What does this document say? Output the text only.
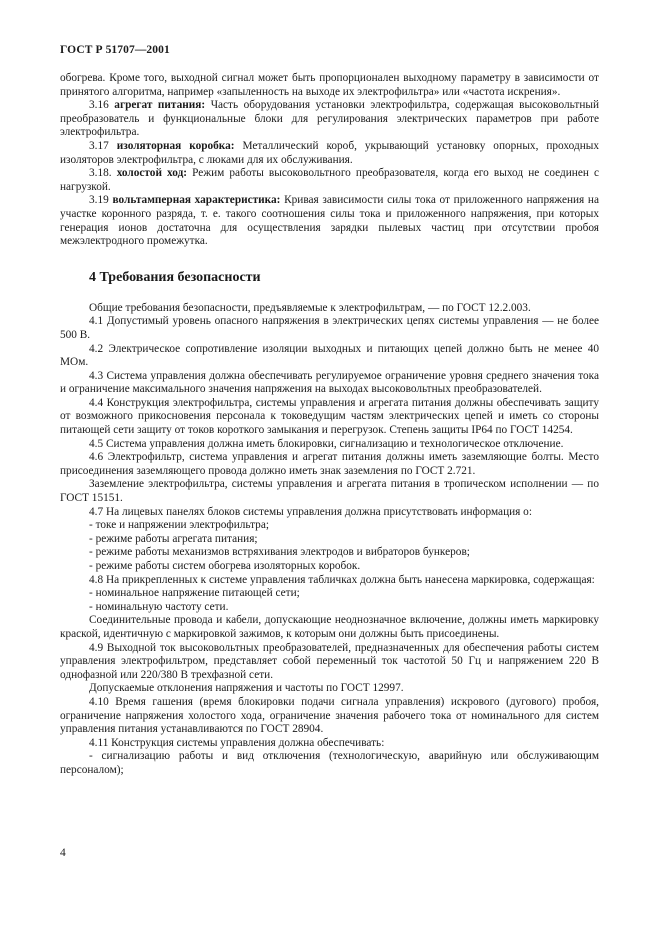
ГОСТ Р 51707—2001

обогрева. Кроме того, выходной сигнал может быть пропорционален выходному параметру в зависимости от принятого алгоритма, например «запыленность на выходе их электрофильтра» или «частота искрения».

3.16 агрегат питания: Часть оборудования установки электрофильтра, содержащая высоковольтный преобразователь и функциональные блоки для регулирования электрических параметров при работе электрофильтра.

3.17 изоляторная коробка: Металлический короб, укрывающий установку опорных, проходных изоляторов электрофильтра, с люками для их обслуживания.

3.18. холостой ход: Режим работы высоковольтного преобразователя, когда его выход не соединен с нагрузкой.

3.19 вольтамперная характеристика: Кривая зависимости силы тока от приложенного напряжения на участке коронного разряда, т. е. такого соотношения силы тока и приложенного напряжения, при которых генерация ионов достаточна для осуществления зарядки пылевых частиц при отсутствии пробоя межэлектродного промежутка.

4 Требования безопасности

Общие требования безопасности, предъявляемые к электрофильтрам, — по ГОСТ 12.2.003.

4.1 Допустимый уровень опасного напряжения в электрических цепях системы управления — не более 500 В.

4.2 Электрическое сопротивление изоляции выходных и питающих цепей должно быть не менее 40 МОм.

4.3 Система управления должна обеспечивать регулируемое ограничение уровня среднего значения тока и ограничение максимального значения напряжения на выходах высоковольтных преобразователей.

4.4 Конструкция электрофильтра, системы управления и агрегата питания должны обеспечивать защиту от возможного прикосновения персонала к токоведущим частям электрических цепей и иметь со стороны питающей сети защиту от токов короткого замыкания и перегрузок. Степень защиты IP64 по ГОСТ 14254.

4.5 Система управления должна иметь блокировки, сигнализацию и технологическое отключение.

4.6 Электрофильтр, система управления и агрегат питания должны иметь заземляющие болты. Место присоединения заземляющего провода должно иметь знак заземления по ГОСТ 2.721.

Заземление электрофильтра, системы управления и агрегата питания в тропическом исполнении — по ГОСТ 15151.

4.7 На лицевых панелях блоков системы управления должна присутствовать информация о:

- токе и напряжении электрофильтра;

- режиме работы агрегата питания;

- режиме работы механизмов встряхивания электродов и вибраторов бункеров;

- режиме работы систем обогрева изоляторных коробок.

4.8 На прикрепленных к системе управления табличках должна быть нанесена маркировка, содержащая:

- номинальное напряжение питающей сети;

- номинальную частоту сети.

Соединительные провода и кабели, допускающие неоднозначное включение, должны иметь маркировку краской, идентичную с маркировкой зажимов, к которым они должны быть присоединены.

4.9 Выходной ток высоковольтных преобразователей, предназначенных для обеспечения работы систем управления электрофильтром, представляет собой переменный ток частотой 50 Гц и напряжением 220 В однофазной или 220/380 В трехфазной сети.

Допускаемые отклонения напряжения и частоты по ГОСТ 12997.

4.10 Время гашения (время блокировки подачи сигнала управления) искрового (дугового) пробоя, ограничение напряжения холостого хода, ограничение значения рабочего тока от номинального для систем управления питания устанавливаются по ГОСТ 28904.

4.11 Конструкция системы управления должна обеспечивать:

- сигнализацию работы и вид отключения (технологическую, аварийную или обслуживающим персоналом);

4
